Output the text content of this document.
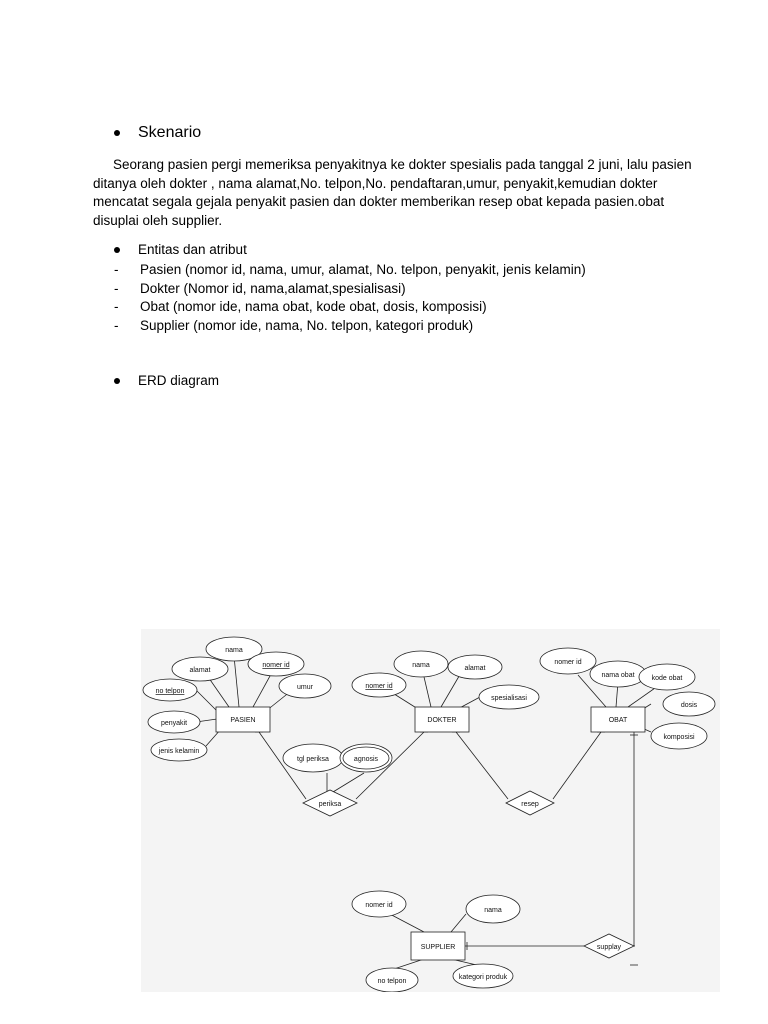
Skenario
Seorang pasien pergi memeriksa penyakitnya ke dokter spesialis pada tanggal 2 juni, lalu pasien
ditanya oleh dokter , nama alamat,No. telpon,No. pendaftaran,umur, penyakit,kemudian dokter
mencatat segala gejala penyakit pasien dan dokter memberikan resep obat kepada pasien.obat
disuplai oleh supplier.
Entitas dan atribut
-	Pasien (nomor id, nama, umur, alamat, No. telpon, penyakit, jenis kelamin)
-	Dokter (Nomor id, nama,alamat,spesialisasi)
-	Obat (nomor ide, nama obat, kode obat, dosis, komposisi)
-	Supplier (nomor ide, nama, No. telpon, kategori produk)
ERD diagram
PASIEN	DOKTER	OBAT
SUPPLIER
periksa	resep
supplay
nama
alamat
nomer id
no telpon
umur
penyakit
jenis kelamin
tgl periksa	agnosis
nama	alamat
nomer id
spesialisasi
nomer id
nama obat kode obat
dosis
komposisi
nomer id
nama
no telpon
kategori produk
